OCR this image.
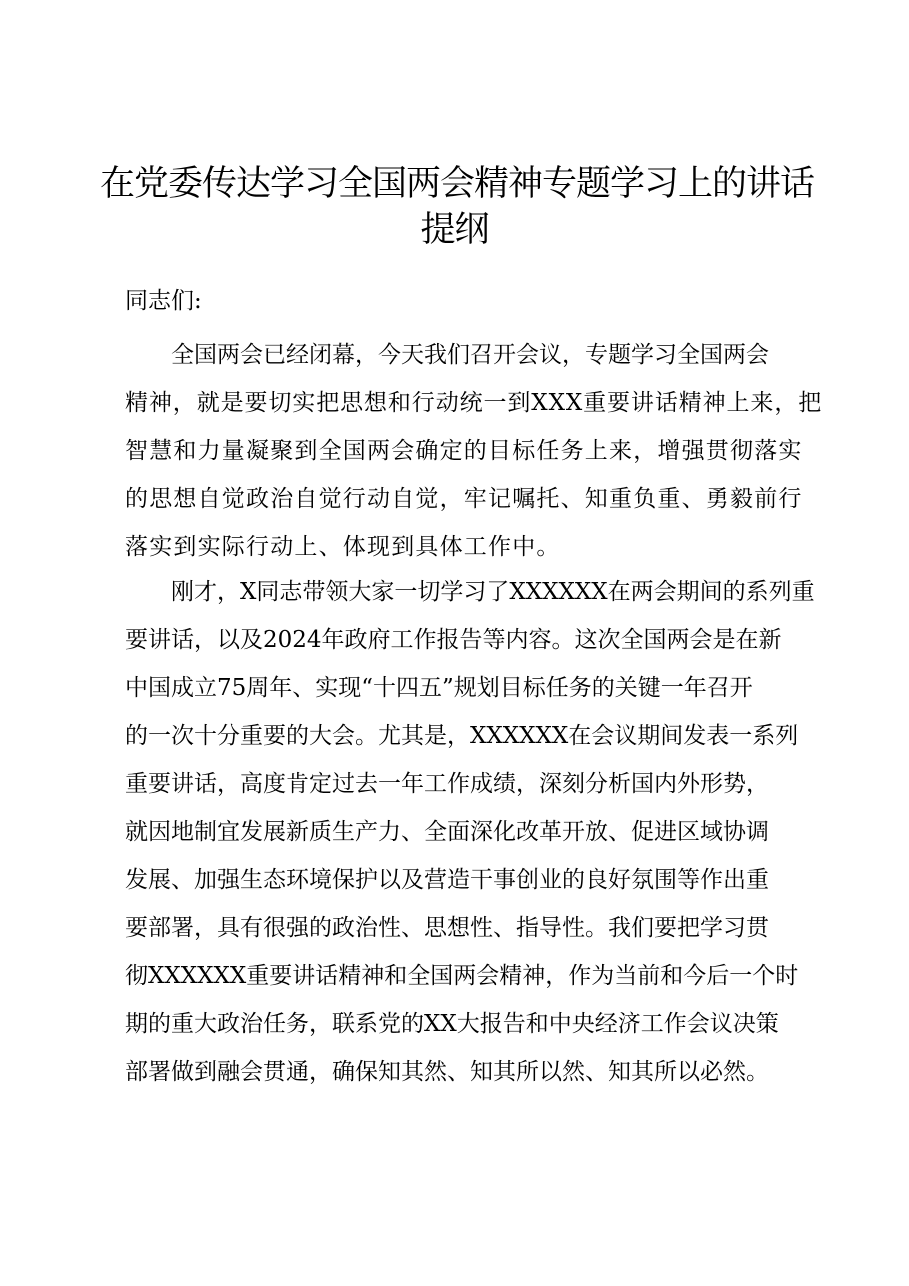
在党委传达学习全国两会精神专题学习上的讲话
提纲

同志们:

全国两会已经闭幕，今天我们召开会议，专题学习全国两会

精神，就是要切实把思想和行动统一到XXX重要讲话精神上来，把

智慧和力量凝聚到全国两会确定的目标任务上来，增强贯彻落实

的思想自觉政治自觉行动自觉，牢记嘱托、知重负重、勇毅前行

落实到实际行动上、体现到具体工作中。

刚才，X同志带领大家一切学习了XXXXXX在两会期间的系列重

要讲话，以及2024年政府工作报告等内容。这次全国两会是在新

中国成立75周年、实现“十四五”规划目标任务的关键一年召开

的一次十分重要的大会。尤其是，XXXXXX在会议期间发表一系列

重要讲话，高度肯定过去一年工作成绩，深刻分析国内外形势，

就因地制宜发展新质生产力、全面深化改革开放、促进区域协调

发展、加强生态环境保护以及营造干事创业的良好氛围等作出重

要部署，具有很强的政治性、思想性、指导性。我们要把学习贯

彻XXXXXX重要讲话精神和全国两会精神，作为当前和今后一个时

期的重大政治任务，联系党的XX大报告和中央经济工作会议决策

部署做到融会贯通，确保知其然、知其所以然、知其所以必然。
